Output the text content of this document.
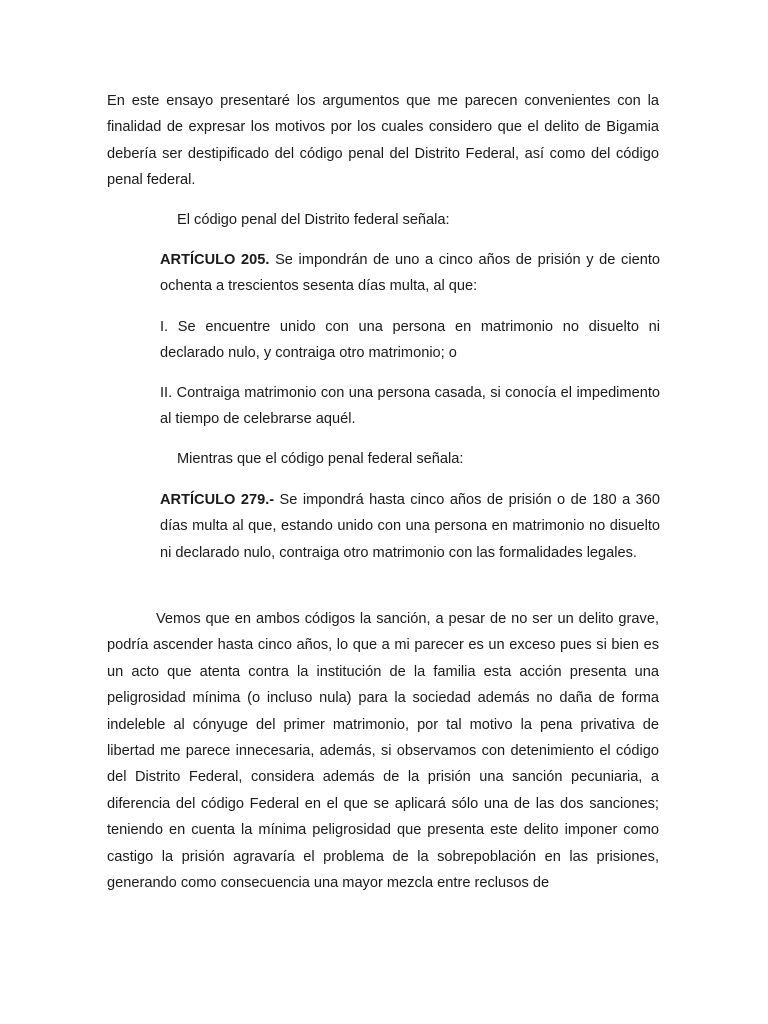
En este ensayo presentaré los argumentos que me parecen convenientes con la finalidad de expresar los motivos por los cuales considero que el delito de Bigamia debería ser destipificado del código penal del Distrito Federal, así como del código penal federal.

El código penal del Distrito federal señala:

ARTÍCULO 205. Se impondrán de uno a cinco años de prisión y de ciento ochenta a trescientos sesenta días multa, al que:

I. Se encuentre unido con una persona en matrimonio no disuelto ni declarado nulo, y contraiga otro matrimonio; o

II. Contraiga matrimonio con una persona casada, si conocía el impedimento al tiempo de celebrarse aquél.

Mientras que el código penal federal señala:

ARTÍCULO 279.- Se impondrá hasta cinco años de prisión o de 180 a 360 días multa al que, estando unido con una persona en matrimonio no disuelto ni declarado nulo, contraiga otro matrimonio con las formalidades legales.

Vemos que en ambos códigos la sanción, a pesar de no ser un delito grave, podría ascender hasta cinco años, lo que a mi parecer es un exceso pues si bien es un acto que atenta contra la institución de la familia esta acción presenta una peligrosidad mínima (o incluso nula) para la sociedad además no daña de forma indeleble al cónyuge del primer matrimonio, por tal motivo la pena privativa de libertad me parece innecesaria, además, si observamos con detenimiento el código del Distrito Federal, considera además de la prisión una sanción pecuniaria, a diferencia del código Federal en el que se aplicará sólo una de las dos sanciones; teniendo en cuenta la mínima peligrosidad que presenta este delito imponer como castigo la prisión agravaría el problema de la sobrepoblación en las prisiones, generando como consecuencia una mayor mezcla entre reclusos de
